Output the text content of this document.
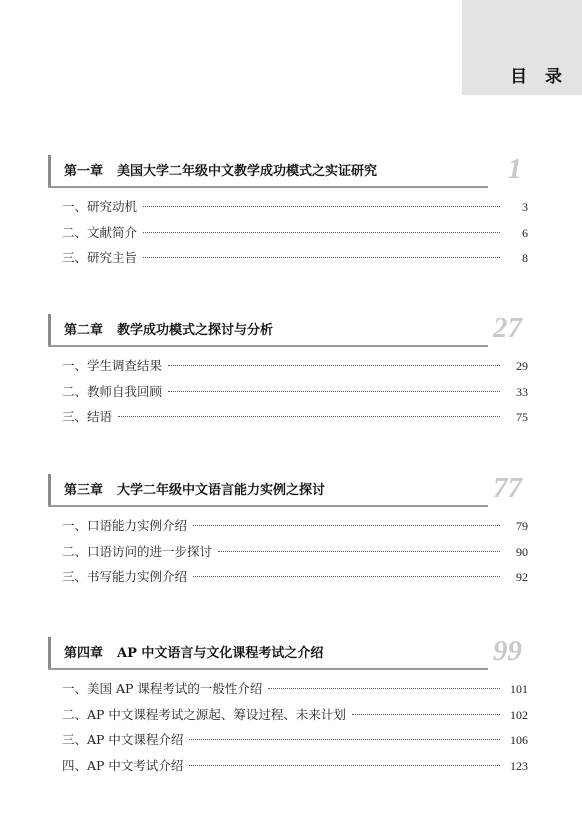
目 录
第一章 美国大学二年级中文教学成功模式之实证研究	1
一、研究动机	3
二、文献简介	6
三、研究主旨	8
第二章 教学成功模式之探讨与分析	27
一、学生调查结果	29
二、教师自我回顾	33
三、结语	75
第三章 大学二年级中文语言能力实例之探讨	77
一、口语能力实例介绍	79
二、口语访问的进一步探讨	90
三、书写能力实例介绍	92
第四章 AP 中文语言与文化课程考试之介绍	99
一、美国 AP 课程考试的一般性介绍	101
二、AP 中文课程考试之源起、筹设过程、未来计划	102
三、AP 中文课程介绍	106
四、AP 中文考试介绍	123
